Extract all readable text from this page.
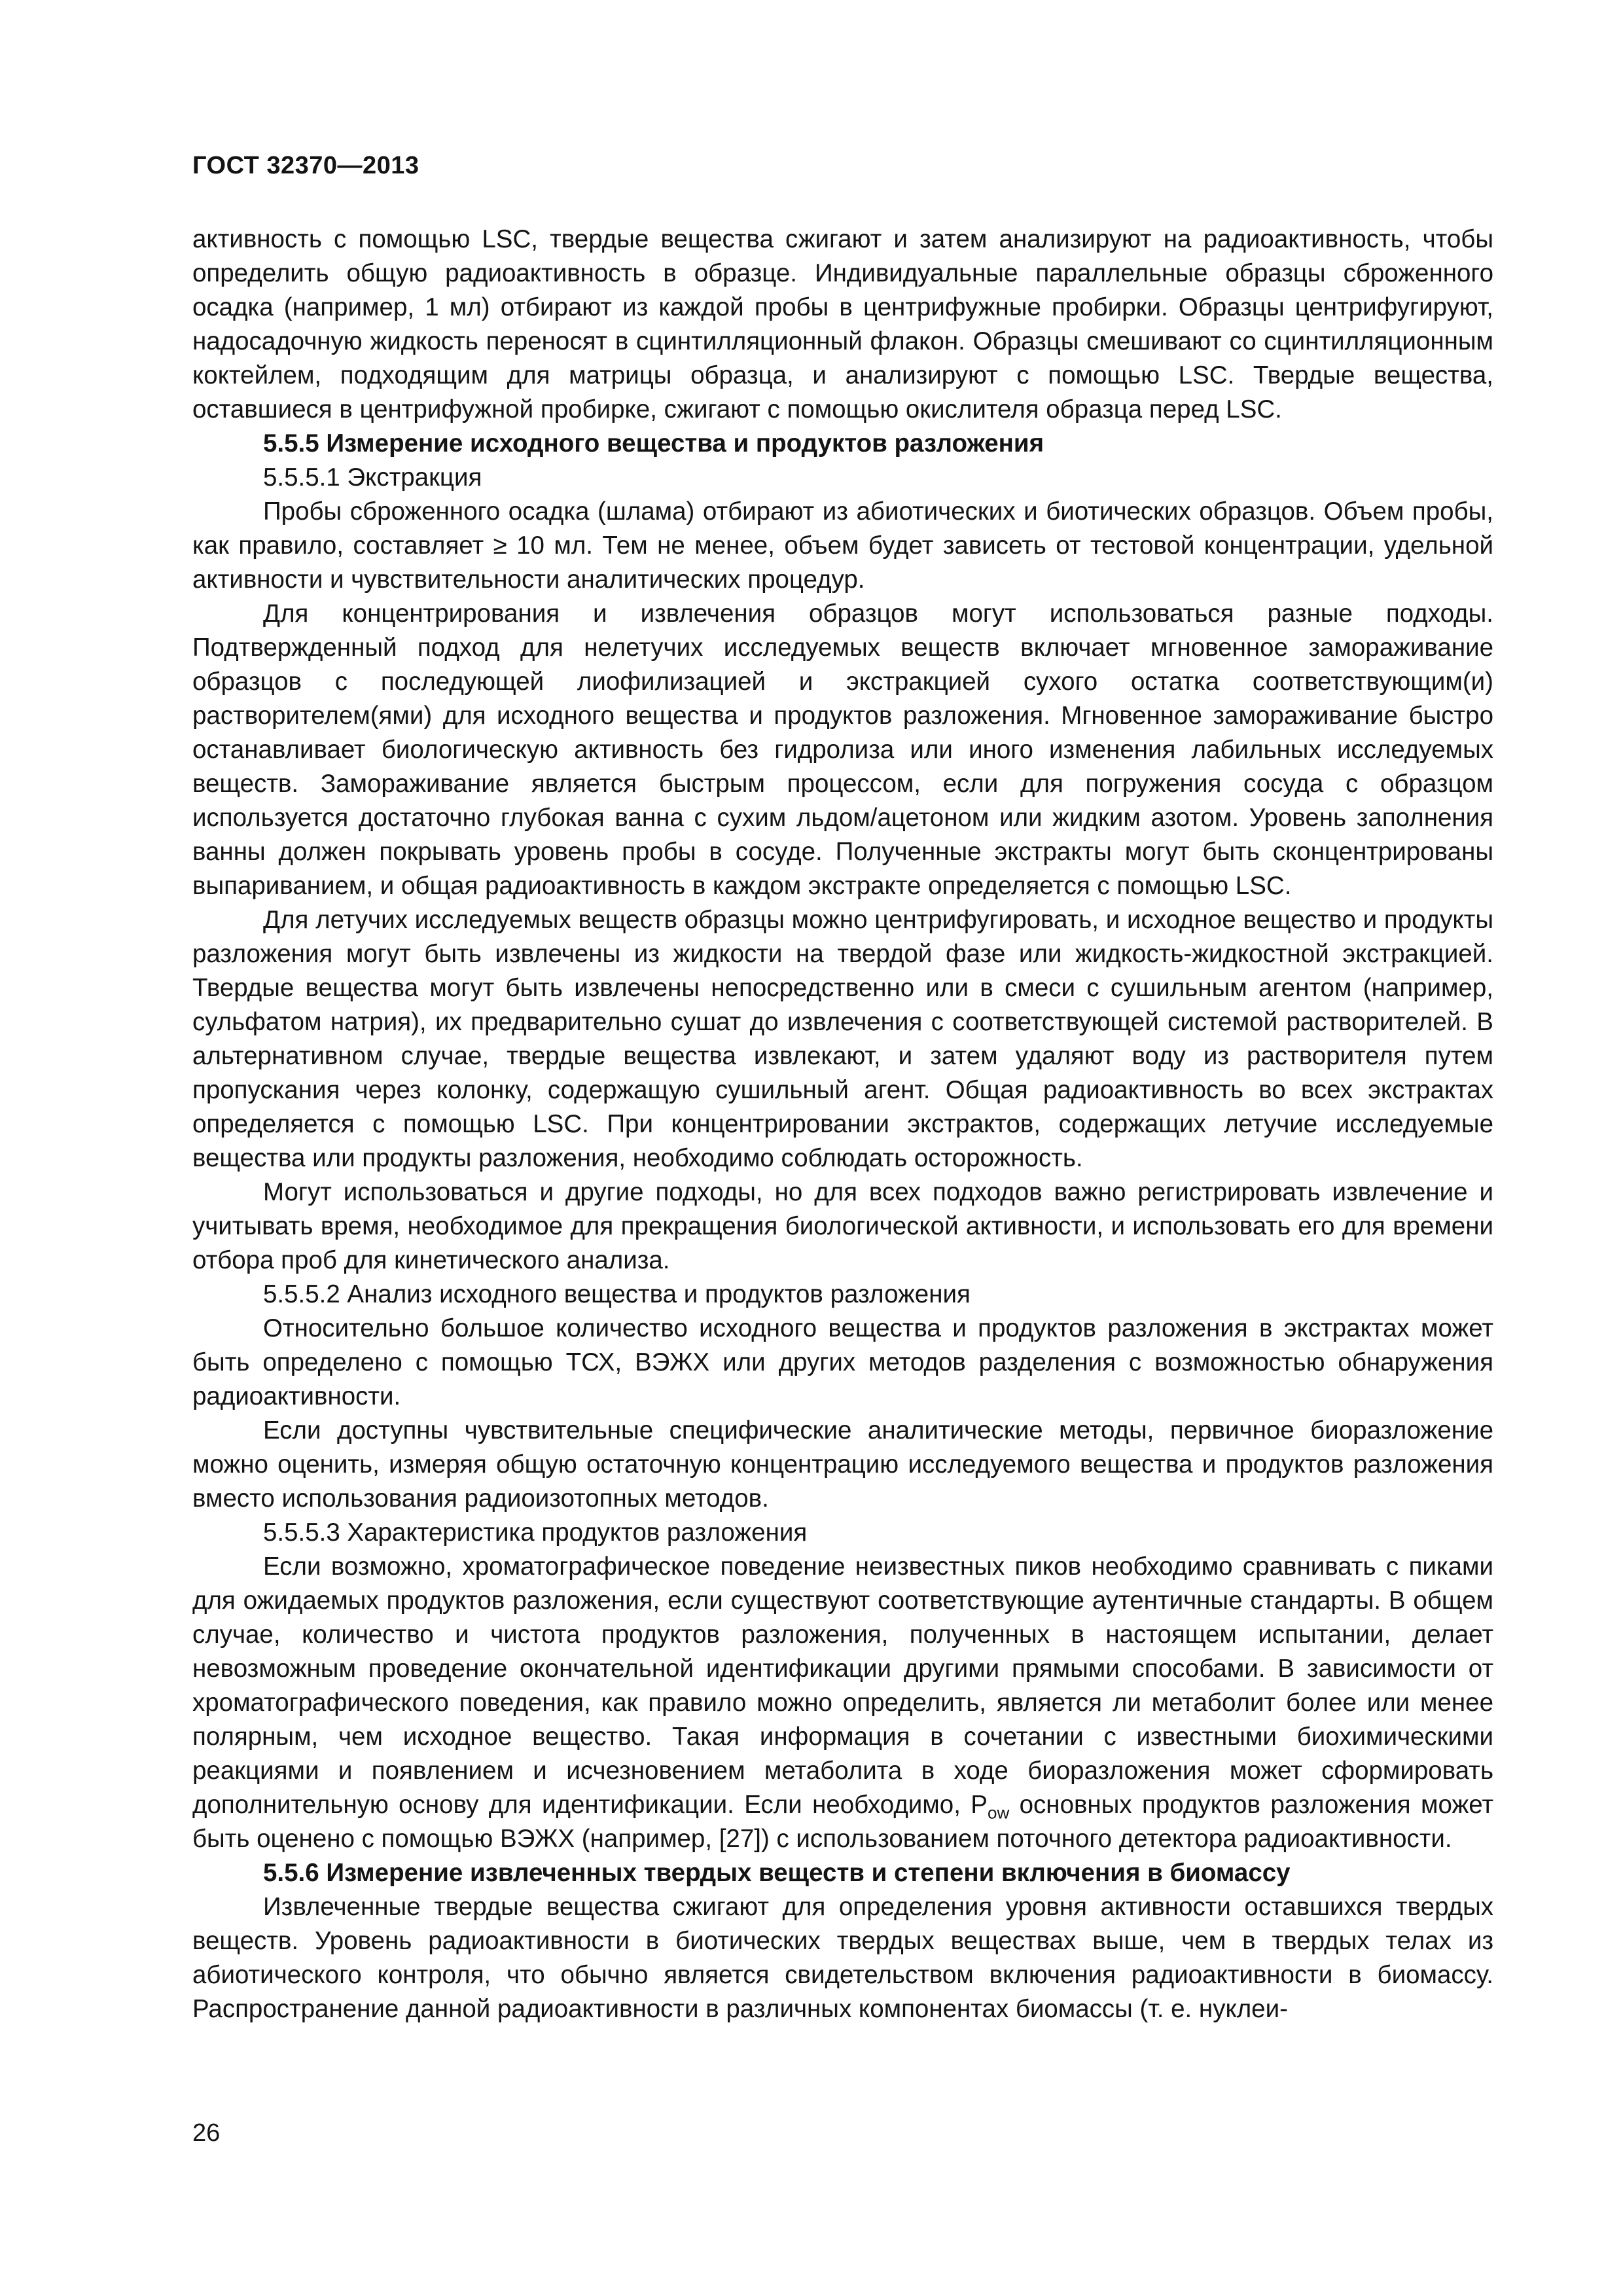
ГОСТ 32370—2013

активность с помощью LSC, твердые вещества сжигают и затем анализируют на радиоактивность, чтобы определить общую радиоактивность в образце. Индивидуальные параллельные образцы сброженного осадка (например, 1 мл) отбирают из каждой пробы в центрифужные пробирки. Образцы центрифугируют, надосадочную жидкость переносят в сцинтилляционный флакон. Образцы смешивают со сцинтилляционным коктейлем, подходящим для матрицы образца, и анализируют с помощью LSC. Твердые вещества, оставшиеся в центрифужной пробирке, сжигают с помощью окислителя образца перед LSC.

5.5.5 Измерение исходного вещества и продуктов разложения

5.5.5.1 Экстракция

Пробы сброженного осадка (шлама) отбирают из абиотических и биотических образцов. Объем пробы, как правило, составляет ≥ 10 мл. Тем не менее, объем будет зависеть от тестовой концентрации, удельной активности и чувствительности аналитических процедур.

Для концентрирования и извлечения образцов могут использоваться разные подходы. Подтвержденный подход для нелетучих исследуемых веществ включает мгновенное замораживание образцов с последующей лиофилизацией и экстракцией сухого остатка соответствующим(и) растворителем(ями) для исходного вещества и продуктов разложения. Мгновенное замораживание быстро останавливает биологическую активность без гидролиза или иного изменения лабильных исследуемых веществ. Замораживание является быстрым процессом, если для погружения сосуда с образцом используется достаточно глубокая ванна с сухим льдом/ацетоном или жидким азотом. Уровень заполнения ванны должен покрывать уровень пробы в сосуде. Полученные экстракты могут быть сконцентрированы выпариванием, и общая радиоактивность в каждом экстракте определяется с помощью LSC.

Для летучих исследуемых веществ образцы можно центрифугировать, и исходное вещество и продукты разложения могут быть извлечены из жидкости на твердой фазе или жидкость-жидкостной экстракцией. Твердые вещества могут быть извлечены непосредственно или в смеси с сушильным агентом (например, сульфатом натрия), их предварительно сушат до извлечения с соответствующей системой растворителей. В альтернативном случае, твердые вещества извлекают, и затем удаляют воду из растворителя путем пропускания через колонку, содержащую сушильный агент. Общая радиоактивность во всех экстрактах определяется с помощью LSC. При концентрировании экстрактов, содержащих летучие исследуемые вещества или продукты разложения, необходимо соблюдать осторожность.

Могут использоваться и другие подходы, но для всех подходов важно регистрировать извлечение и учитывать время, необходимое для прекращения биологической активности, и использовать его для времени отбора проб для кинетического анализа.

5.5.5.2 Анализ исходного вещества и продуктов разложения

Относительно большое количество исходного вещества и продуктов разложения в экстрактах может быть определено с помощью ТСХ, ВЭЖХ или других методов разделения с возможностью обнаружения радиоактивности.

Если доступны чувствительные специфические аналитические методы, первичное биоразложение можно оценить, измеряя общую остаточную концентрацию исследуемого вещества и продуктов разложения вместо использования радиоизотопных методов.

5.5.5.3 Характеристика продуктов разложения

Если возможно, хроматографическое поведение неизвестных пиков необходимо сравнивать с пиками для ожидаемых продуктов разложения, если существуют соответствующие аутентичные стандарты. В общем случае, количество и чистота продуктов разложения, полученных в настоящем испытании, делает невозможным проведение окончательной идентификации другими прямыми способами. В зависимости от хроматографического поведения, как правило можно определить, является ли метаболит более или менее полярным, чем исходное вещество. Такая информация в сочетании с известными биохимическими реакциями и появлением и исчезновением метаболита в ходе биоразложения может сформировать дополнительную основу для идентификации. Если необходимо, $P_{ow}$ основных продуктов разложения может быть оценено с помощью ВЭЖХ (например, [27]) с использованием поточного детектора радиоактивности.

5.5.6 Измерение извлеченных твердых веществ и степени включения в биомассу

Извлеченные твердые вещества сжигают для определения уровня активности оставшихся твердых веществ. Уровень радиоактивности в биотических твердых веществах выше, чем в твердых телах из абиотического контроля, что обычно является свидетельством включения радиоактивности в биомассу. Распространение данной радиоактивности в различных компонентах биомассы (т. е. нуклеи-

26
